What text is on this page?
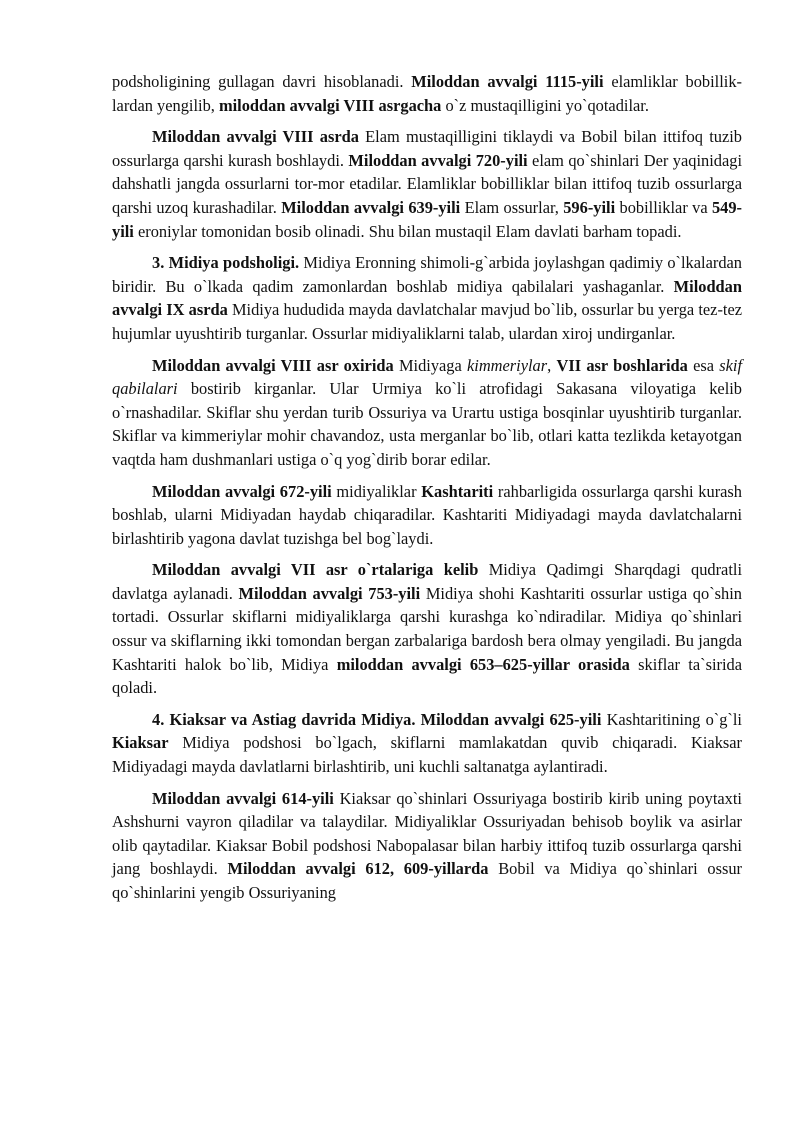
podsholigining gullagan davri hisoblanadi. Miloddan avvalgi 1115-yili elamliklar bobillik-lardan yengilib, miloddan avvalgi VIII asrgacha o`z mustaqilligini yo`qotadilar.

Miloddan avvalgi VIII asrda Elam mustaqilligini tiklaydi va Bobil bilan ittifoq tuzib ossurlarga qarshi kurash boshlaydi. Miloddan avvalgi 720-yili elam qo`shinlari Der yaqinidagi dahshatli jangda ossurlarni tor-mor etadilar. Elamliklar bobilliklar bilan ittifoq tuzib ossurlarga qarshi uzoq kurashadilar. Miloddan avvalgi 639-yili Elam ossurlar, 596-yili bobilliklar va 549-yili eroniylar tomonidan bosib olinadi. Shu bilan mustaqil Elam davlati barham topadi.

3. Midiya podsholigi. Midiya Eronning shimoli-g`arbida joylashgan qadimiy o`lkalardan biridir. Bu o`lkada qadim zamonlardan boshlab midiya qabilalari yashaganlar. Miloddan avvalgi IX asrda Midiya hududida mayda davlatchalar mavjud bo`lib, ossurlar bu yerga tez-tez hujumlar uyushtirib turganlar. Ossurlar midiyaliklarni talab, ulardan xiroj undirganlar.

Miloddan avvalgi VIII asr oxirida Midiyaga kimmeriylar, VII asr boshlarida esa skif qabilalari bostirib kirganlar. Ular Urmiya ko`li atrofidagi Sakasana viloyatiga kelib o`rnashadilar. Skiflar shu yerdan turib Ossuriya va Urartu ustiga bosqinlar uyushtirib turganlar. Skiflar va kimmeriylar mohir chavandoz, usta merganlar bo`lib, otlari katta tezlikda ketayotgan vaqtda ham dushmanlari ustiga o`q yog`dirib borar edilar.

Miloddan avvalgi 672-yili midiyaliklar Kashtariti rahbarligida ossurlarga qarshi kurash boshlab, ularni Midiyadan haydab chiqaradilar. Kashtariti Midiyadagi mayda davlatchalarni birlashtirib yagona davlat tuzishga bel bog`laydi.

Miloddan avvalgi VII asr o`rtalariga kelib Midiya Qadimgi Sharqdagi qudratli davlatga aylanadi. Miloddan avvalgi 753-yili Midiya shohi Kashtariti ossurlar ustiga qo`shin tortadi. Ossurlar skiflarni midiyaliklarga qarshi kurashga ko`ndiradilar. Midiya qo`shinlari ossur va skiflarning ikki tomondan bergan zarbalariga bardosh bera olmay yengiladi. Bu jangda Kashtariti halok bo`lib, Midiya miloddan avvalgi 653–625-yillar orasida skiflar ta`sirida qoladi.

4. Kiaksar va Astiag davrida Midiya. Miloddan avvalgi 625-yili Kashtaritining o`g`li Kiaksar Midiya podshosi bo`lgach, skiflarni mamlakatdan quvib chiqaradi. Kiaksar Midiyadagi mayda davlatlarni birlashtirib, uni kuchli saltanatga aylantiradi.

Miloddan avvalgi 614-yili Kiaksar qo`shinlari Ossuriyaga bostirib kirib uning poytaxti Ashshurni vayron qiladilar va talaydilar. Midiyaliklar Ossuriyadan behisob boylik va asirlar olib qaytadilar. Kiaksar Bobil podshosi Nabopalasar bilan harbiy ittifoq tuzib ossurlarga qarshi jang boshlaydi. Miloddan avvalgi 612, 609-yillarda Bobil va Midiya qo`shinlari ossur qo`shinlarini yengib Ossuriyaning
